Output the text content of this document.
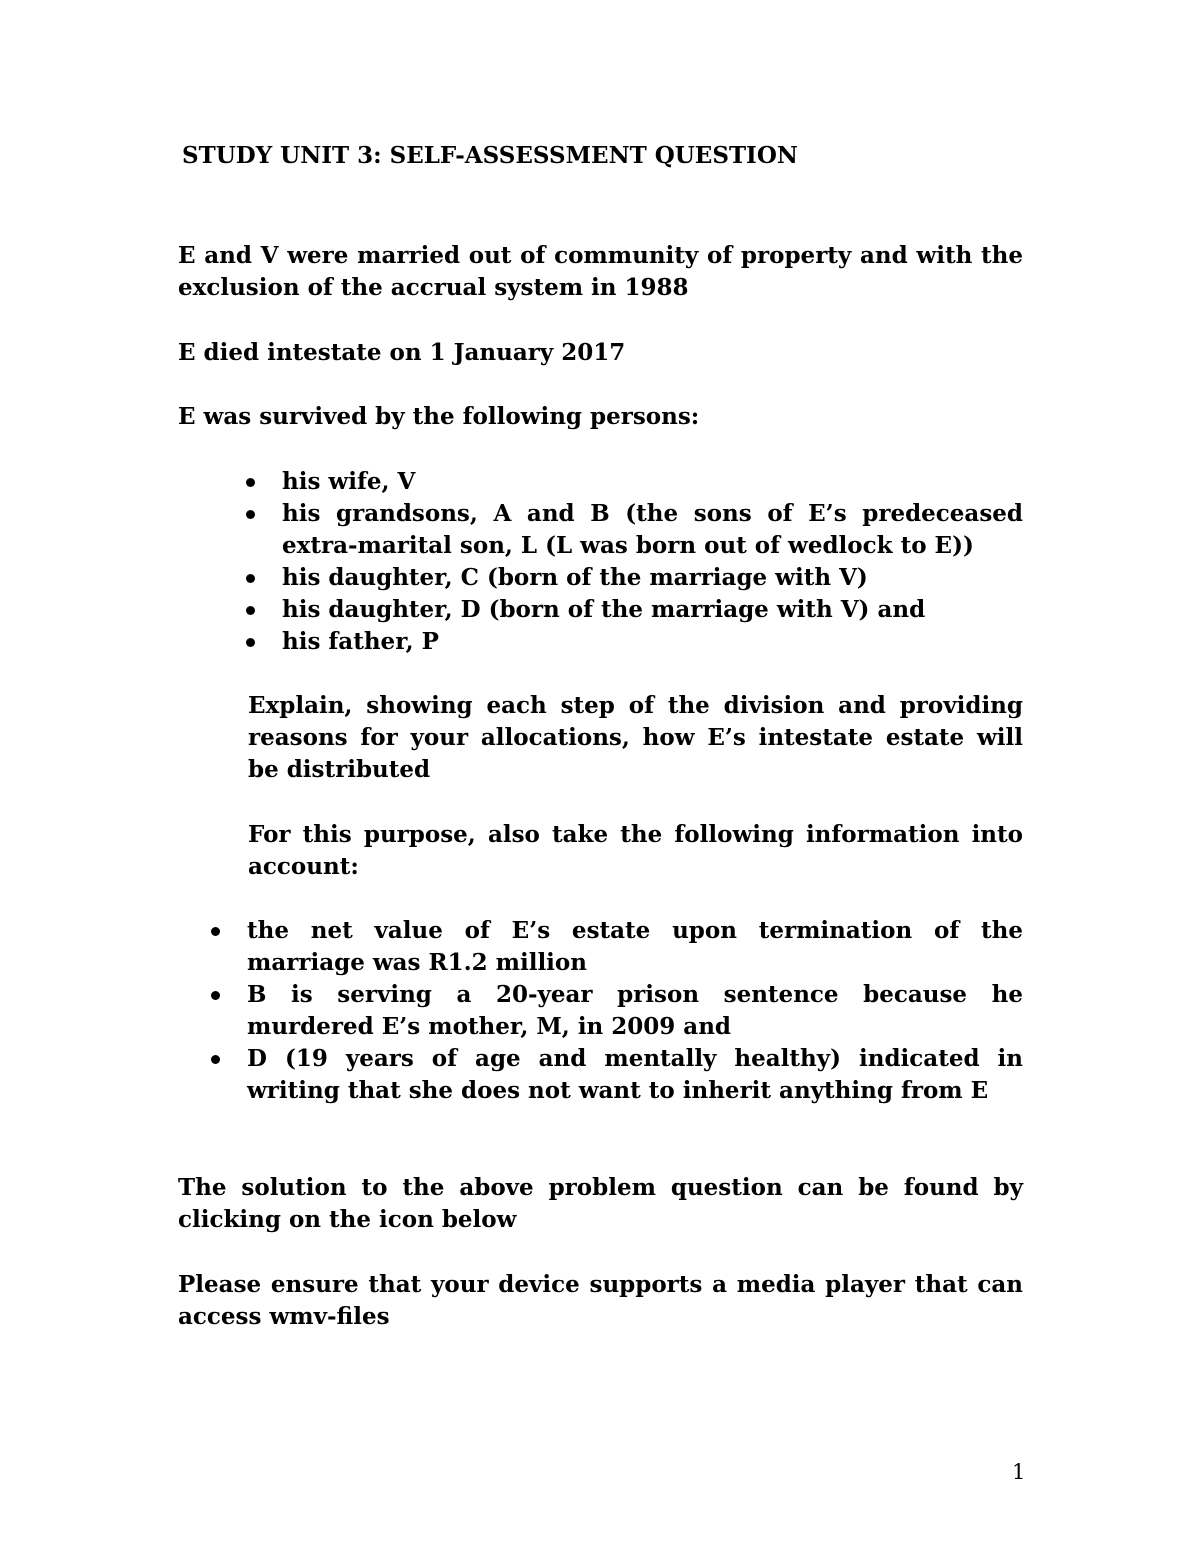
STUDY UNIT 3: SELF-ASSESSMENT QUESTION
E and V were married out of community of property and with the exclusion of the accrual system in 1988
E died intestate on 1 January 2017
E was survived by the following persons:
his wife, V
his grandsons, A and B (the sons of E’s predeceased extra-marital son, L (L was born out of wedlock to E))
his daughter, C (born of the marriage with V)
his daughter, D (born of the marriage with V) and
his father, P
Explain, showing each step of the division and providing reasons for your allocations, how E’s intestate estate will be distributed
For this purpose, also take the following information into account:
the net value of E’s estate upon termination of the marriage was R1.2 million
B is serving a 20-year prison sentence because he murdered E’s mother, M, in 2009 and
D (19 years of age and mentally healthy) indicated in writing that she does not want to inherit anything from E
The solution to the above problem question can be found by clicking on the icon below
Please ensure that your device supports a media player that can access wmv-files
1
